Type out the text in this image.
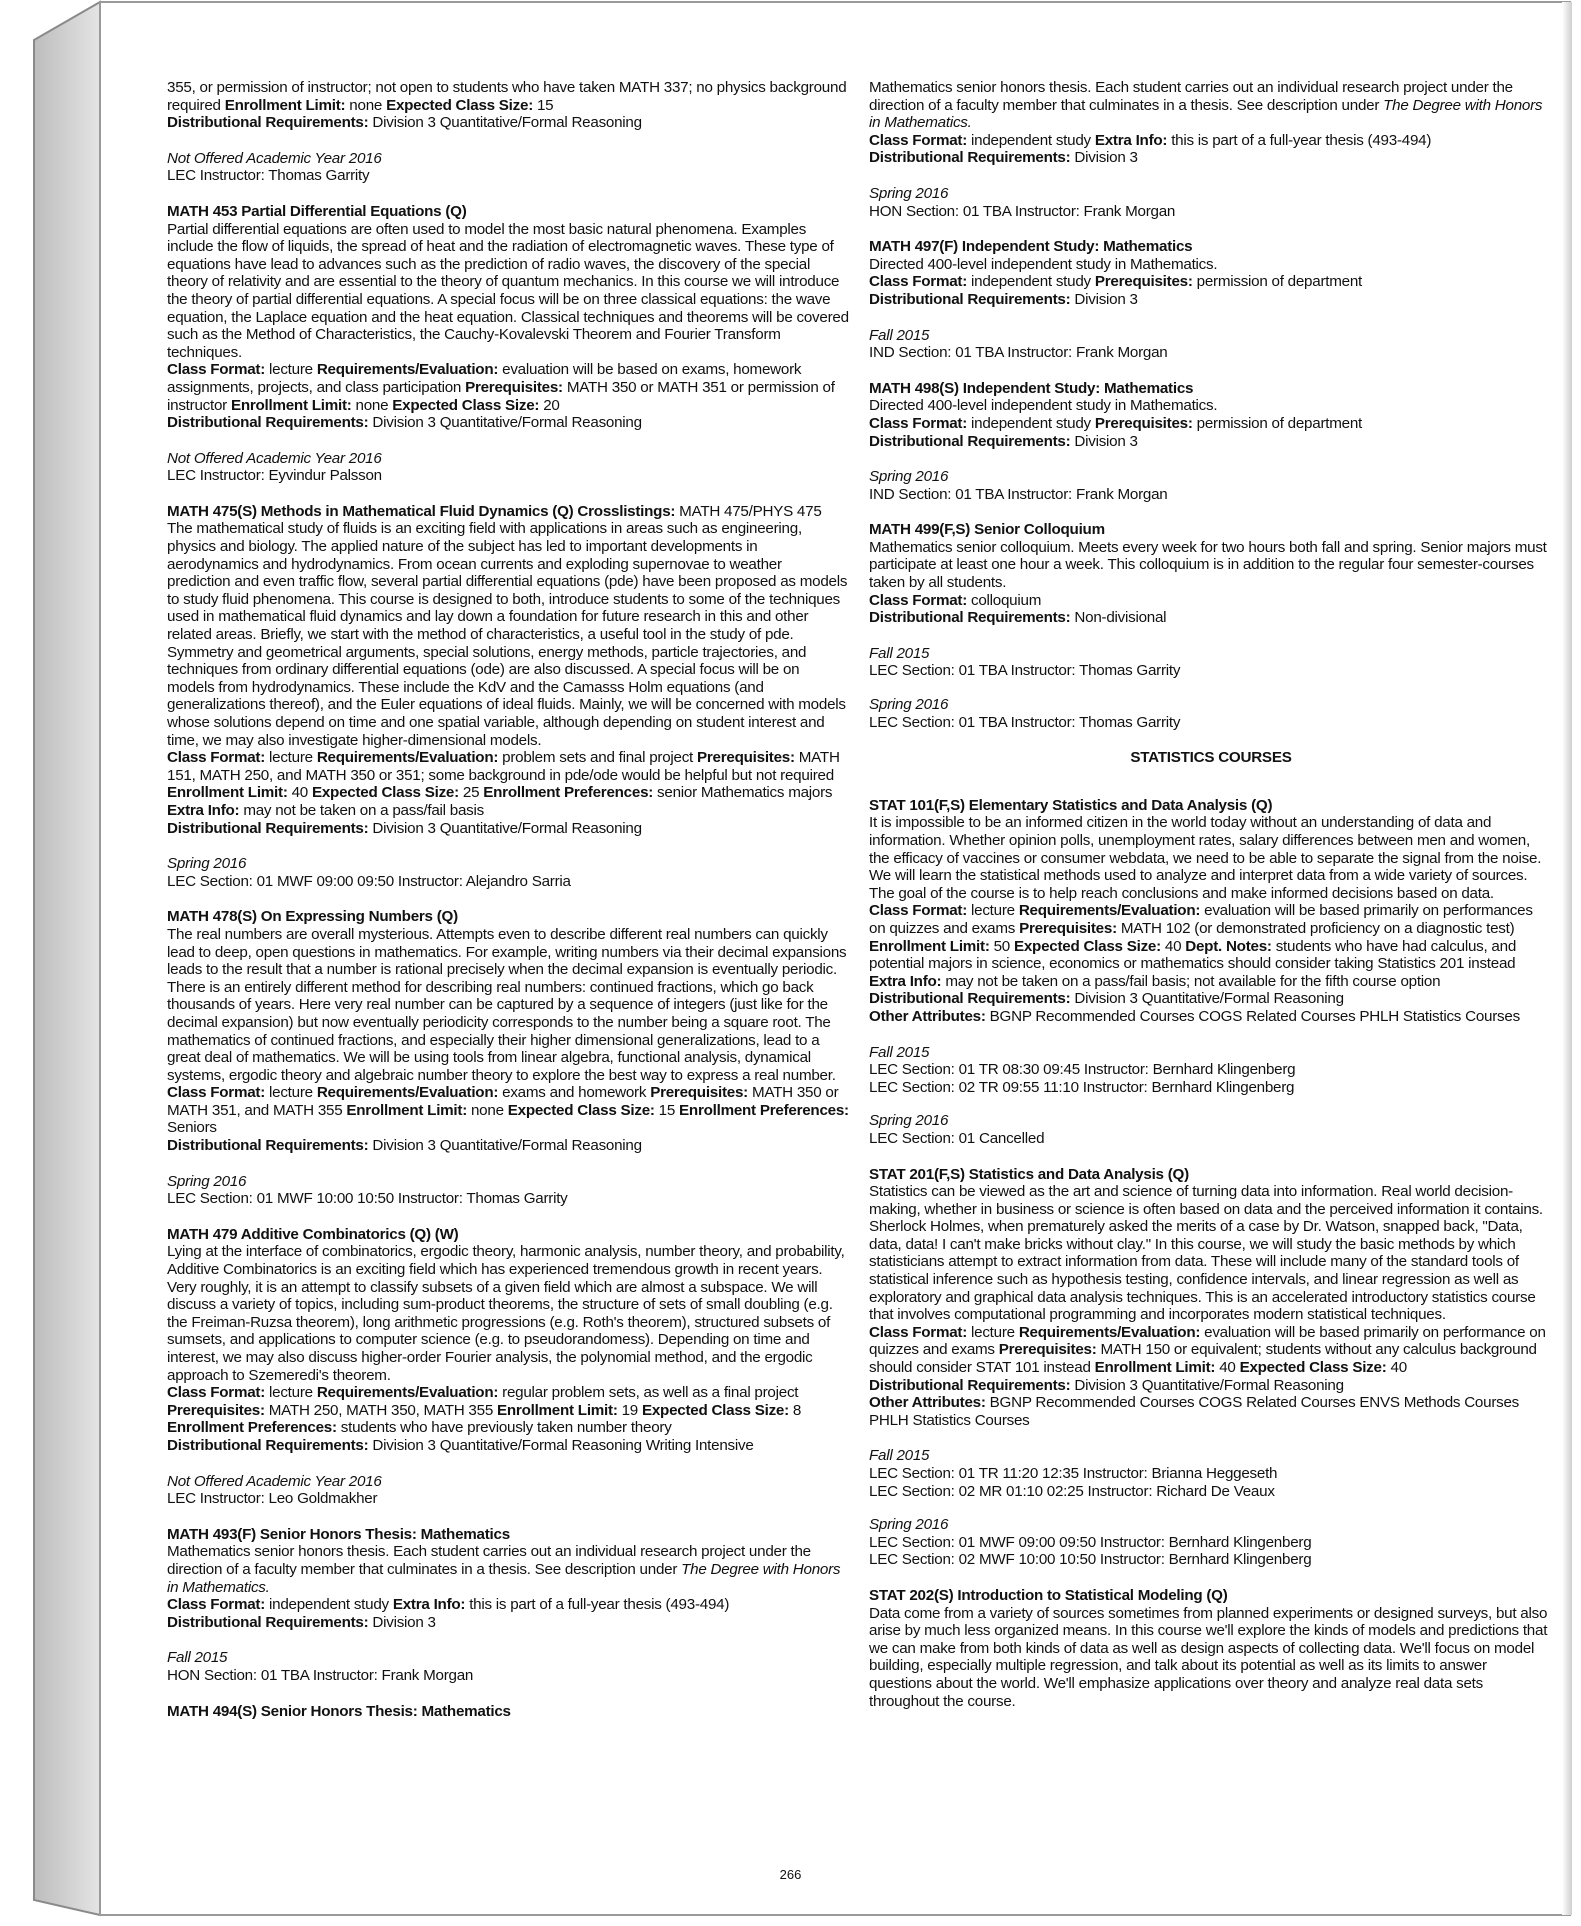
355, or permission of instructor; not open to students who have taken MATH 337; no physics background required Enrollment Limit: none Expected Class Size: 15
Distributional Requirements: Division 3 Quantitative/Formal Reasoning

Not Offered Academic Year 2016
LEC Instructor: Thomas Garrity

MATH 453 Partial Differential Equations (Q)
Partial differential equations are often used to model the most basic natural phenomena. Examples include the flow of liquids, the spread of heat and the radiation of electromagnetic waves. These type of equations have lead to advances such as the prediction of radio waves, the discovery of the special theory of relativity and are essential to the theory of quantum mechanics. In this course we will introduce the theory of partial differential equations. A special focus will be on three classical equations: the wave equation, the Laplace equation and the heat equation. Classical techniques and theorems will be covered such as the Method of Characteristics, the Cauchy-Kovalevski Theorem and Fourier Transform techniques.
Class Format: lecture Requirements/Evaluation: evaluation will be based on exams, homework assignments, projects, and class participation Prerequisites: MATH 350 or MATH 351 or permission of instructor Enrollment Limit: none Expected Class Size: 20
Distributional Requirements: Division 3 Quantitative/Formal Reasoning

Not Offered Academic Year 2016
LEC Instructor: Eyvindur Palsson

MATH 475(S) Methods in Mathematical Fluid Dynamics (Q) Crosslistings: MATH 475/PHYS 475
The mathematical study of fluids is an exciting field with applications in areas such as engineering, physics and biology. The applied nature of the subject has led to important developments in aerodynamics and hydrodynamics. From ocean currents and exploding supernovae to weather prediction and even traffic flow, several partial differential equations (pde) have been proposed as models to study fluid phenomena. This course is designed to both, introduce students to some of the techniques used in mathematical fluid dynamics and lay down a foundation for future research in this and other related areas. Briefly, we start with the method of characteristics, a useful tool in the study of pde. Symmetry and geometrical arguments, special solutions, energy methods, particle trajectories, and techniques from ordinary differential equations (ode) are also discussed. A special focus will be on models from hydrodynamics. These include the KdV and the Camasss Holm equations (and generalizations thereof), and the Euler equations of ideal fluids. Mainly, we will be concerned with models whose solutions depend on time and one spatial variable, although depending on student interest and time, we may also investigate higher-dimensional models.
Class Format: lecture Requirements/Evaluation: problem sets and final project Prerequisites: MATH 151, MATH 250, and MATH 350 or 351; some background in pde/ode would be helpful but not required Enrollment Limit: 40 Expected Class Size: 25 Enrollment Preferences: senior Mathematics majors Extra Info: may not be taken on a pass/fail basis
Distributional Requirements: Division 3 Quantitative/Formal Reasoning

Spring 2016
LEC Section: 01 MWF 09:00 09:50 Instructor: Alejandro Sarria

MATH 478(S) On Expressing Numbers (Q)
The real numbers are overall mysterious. Attempts even to describe different real numbers can quickly lead to deep, open questions in mathematics. For example, writing numbers via their decimal expansions leads to the result that a number is rational precisely when the decimal expansion is eventually periodic. There is an entirely different method for describing real numbers: continued fractions, which go back thousands of years. Here very real number can be captured by a sequence of integers (just like for the decimal expansion) but now eventually periodicity corresponds to the number being a square root. The mathematics of continued fractions, and especially their higher dimensional generalizations, lead to a great deal of mathematics. We will be using tools from linear algebra, functional analysis, dynamical systems, ergodic theory and algebraic number theory to explore the best way to express a real number.
Class Format: lecture Requirements/Evaluation: exams and homework Prerequisites: MATH 350 or MATH 351, and MATH 355 Enrollment Limit: none Expected Class Size: 15 Enrollment Preferences: Seniors
Distributional Requirements: Division 3 Quantitative/Formal Reasoning

Spring 2016
LEC Section: 01 MWF 10:00 10:50 Instructor: Thomas Garrity

MATH 479 Additive Combinatorics (Q) (W)
Lying at the interface of combinatorics, ergodic theory, harmonic analysis, number theory, and probability, Additive Combinatorics is an exciting field which has experienced tremendous growth in recent years. Very roughly, it is an attempt to classify subsets of a given field which are almost a subspace. We will discuss a variety of topics, including sum-product theorems, the structure of sets of small doubling (e.g. the Freiman-Ruzsa theorem), long arithmetic progressions (e.g. Roth's theorem), structured subsets of sumsets, and applications to computer science (e.g. to pseudorandomess). Depending on time and interest, we may also discuss higher-order Fourier analysis, the polynomial method, and the ergodic approach to Szemeredi's theorem.
Class Format: lecture Requirements/Evaluation: regular problem sets, as well as a final project Prerequisites: MATH 250, MATH 350, MATH 355 Enrollment Limit: 19 Expected Class Size: 8 Enrollment Preferences: students who have previously taken number theory
Distributional Requirements: Division 3 Quantitative/Formal Reasoning Writing Intensive

Not Offered Academic Year 2016
LEC Instructor: Leo Goldmakher

MATH 493(F) Senior Honors Thesis: Mathematics
Mathematics senior honors thesis. Each student carries out an individual research project under the direction of a faculty member that culminates in a thesis. See description under The Degree with Honors in Mathematics.
Class Format: independent study Extra Info: this is part of a full-year thesis (493-494)
Distributional Requirements: Division 3

Fall 2015
HON Section: 01 TBA Instructor: Frank Morgan

MATH 494(S) Senior Honors Thesis: Mathematics

Mathematics senior honors thesis. Each student carries out an individual research project under the direction of a faculty member that culminates in a thesis. See description under The Degree with Honors in Mathematics.
Class Format: independent study Extra Info: this is part of a full-year thesis (493-494)
Distributional Requirements: Division 3

Spring 2016
HON Section: 01 TBA Instructor: Frank Morgan

MATH 497(F) Independent Study: Mathematics
Directed 400-level independent study in Mathematics.
Class Format: independent study Prerequisites: permission of department
Distributional Requirements: Division 3

Fall 2015
IND Section: 01 TBA Instructor: Frank Morgan

MATH 498(S) Independent Study: Mathematics
Directed 400-level independent study in Mathematics.
Class Format: independent study Prerequisites: permission of department
Distributional Requirements: Division 3

Spring 2016
IND Section: 01 TBA Instructor: Frank Morgan

MATH 499(F,S) Senior Colloquium
Mathematics senior colloquium. Meets every week for two hours both fall and spring. Senior majors must participate at least one hour a week. This colloquium is in addition to the regular four semester-courses taken by all students.
Class Format: colloquium
Distributional Requirements: Non-divisional

Fall 2015
LEC Section: 01 TBA Instructor: Thomas Garrity
Spring 2016
LEC Section: 01 TBA Instructor: Thomas Garrity
STATISTICS COURSES

STAT 101(F,S) Elementary Statistics and Data Analysis (Q)
It is impossible to be an informed citizen in the world today without an understanding of data and information. Whether opinion polls, unemployment rates, salary differences between men and women, the efficacy of vaccines or consumer webdata, we need to be able to separate the signal from the noise. We will learn the statistical methods used to analyze and interpret data from a wide variety of sources. The goal of the course is to help reach conclusions and make informed decisions based on data.
Class Format: lecture Requirements/Evaluation: evaluation will be based primarily on performances on quizzes and exams Prerequisites: MATH 102 (or demonstrated proficiency on a diagnostic test) Enrollment Limit: 50 Expected Class Size: 40 Dept. Notes: students who have had calculus, and potential majors in science, economics or mathematics should consider taking Statistics 201 instead Extra Info: may not be taken on a pass/fail basis; not available for the fifth course option
Distributional Requirements: Division 3 Quantitative/Formal Reasoning
Other Attributes: BGNP Recommended Courses COGS Related Courses PHLH Statistics Courses

Fall 2015
LEC Section: 01 TR 08:30 09:45 Instructor: Bernhard Klingenberg
LEC Section: 02 TR 09:55 11:10 Instructor: Bernhard Klingenberg
Spring 2016
LEC Section: 01 Cancelled

STAT 201(F,S) Statistics and Data Analysis (Q)
Statistics can be viewed as the art and science of turning data into information. Real world decision-making, whether in business or science is often based on data and the perceived information it contains. Sherlock Holmes, when prematurely asked the merits of a case by Dr. Watson, snapped back, "Data, data, data! I can't make bricks without clay." In this course, we will study the basic methods by which statisticians attempt to extract information from data. These will include many of the standard tools of statistical inference such as hypothesis testing, confidence intervals, and linear regression as well as exploratory and graphical data analysis techniques. This is an accelerated introductory statistics course that involves computational programming and incorporates modern statistical techniques.
Class Format: lecture Requirements/Evaluation: evaluation will be based primarily on performance on quizzes and exams Prerequisites: MATH 150 or equivalent; students without any calculus background should consider STAT 101 instead Enrollment Limit: 40 Expected Class Size: 40
Distributional Requirements: Division 3 Quantitative/Formal Reasoning
Other Attributes: BGNP Recommended Courses COGS Related Courses ENVS Methods Courses PHLH Statistics Courses

Fall 2015
LEC Section: 01 TR 11:20 12:35 Instructor: Brianna Heggeseth
LEC Section: 02 MR 01:10 02:25 Instructor: Richard De Veaux
Spring 2016
LEC Section: 01 MWF 09:00 09:50 Instructor: Bernhard Klingenberg
LEC Section: 02 MWF 10:00 10:50 Instructor: Bernhard Klingenberg

STAT 202(S) Introduction to Statistical Modeling (Q)
Data come from a variety of sources sometimes from planned experiments or designed surveys, but also arise by much less organized means. In this course we'll explore the kinds of models and predictions that we can make from both kinds of data as well as design aspects of collecting data. We'll focus on model building, especially multiple regression, and talk about its potential as well as its limits to answer questions about the world. We'll emphasize applications over theory and analyze real data sets throughout the course.

266
